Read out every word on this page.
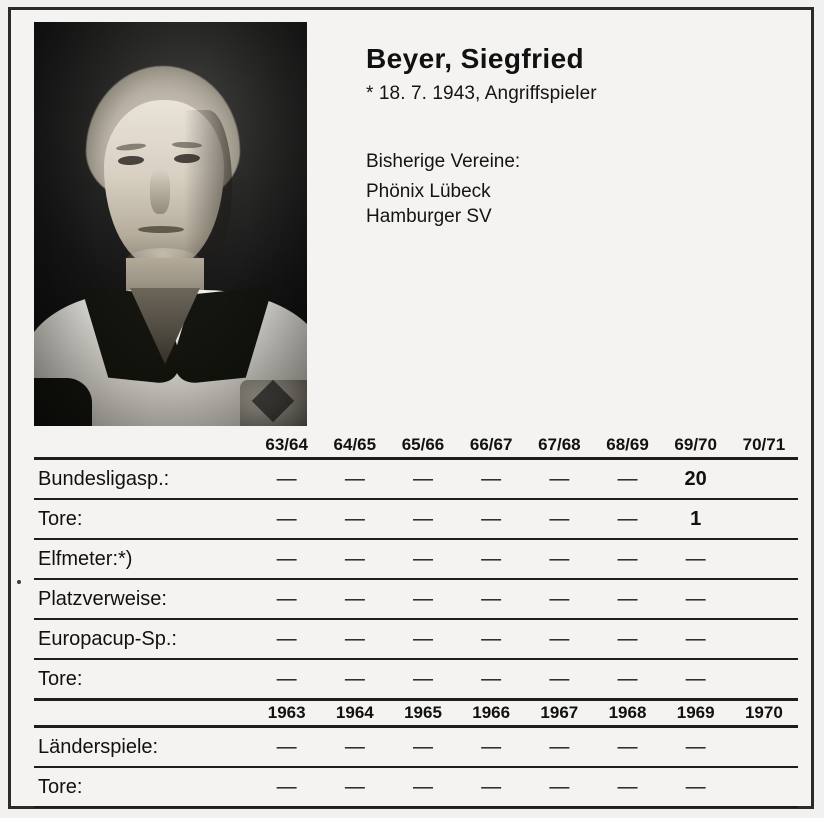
Beyer, Siegfried
* 18. 7. 1943, Angriffspieler
Bisherige Vereine:
Phönix Lübeck
Hamburger SV
	63/64	64/65	65/66	66/67	67/68	68/69	69/70	70/71

Bundesligasp.:	—	—	—	—	—	—	20	

Tore:	—	—	—	—	—	—	1	

Elfmeter:*)	—	—	—	—	—	—	—	

Platzverweise:	—	—	—	—	—	—	—	

Europacup-Sp.:	—	—	—	—	—	—	—	

Tore:	—	—	—	—	—	—	—	

	1963	1964	1965	1966	1967	1968	1969	1970

Länderspiele:	—	—	—	—	—	—	—	

Tore:	—	—	—	—	—	—	—	
